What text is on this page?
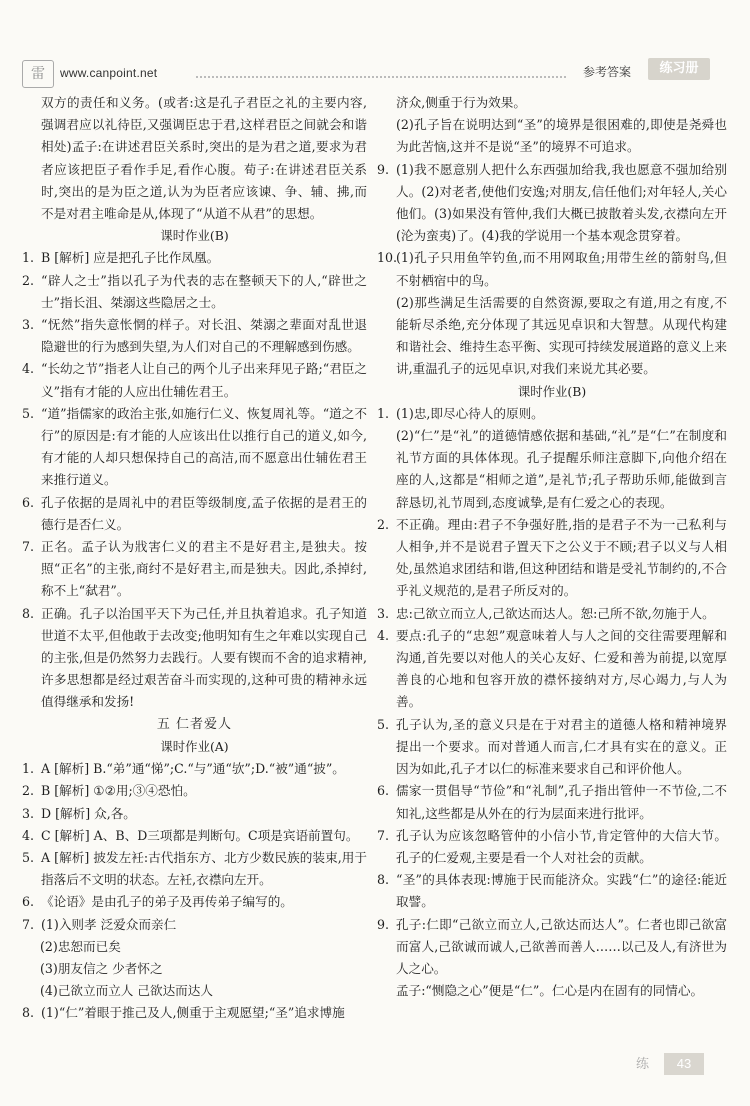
雷	www.canpoint.net	参考答案	练习册

双方的责任和义务。(或者:这是孔子君臣之礼的主要内容,强调君应以礼待臣,又强调臣忠于君,这样君臣之间就会和谐相处)孟子:在讲述君臣关系时,突出的是为君之道,要求为君者应该把臣子看作手足,看作心腹。荀子:在讲述君臣关系时,突出的是为臣之道,认为为臣者应该谏、争、辅、拂,而不是对君主唯命是从,体现了“从道不从君”的思想。

课时作业(B)

1. B [解析] 应是把孔子比作凤凰。

2. “辟人之士”指以孔子为代表的志在整顿天下的人,“辟世之士”指长沮、桀溺这些隐居之士。

3. “怃然”指失意怅惘的样子。对长沮、桀溺之辈面对乱世退隐避世的行为感到失望,为人们对自己的不理解感到伤感。

4. “长幼之节”指老人让自己的两个儿子出来拜见子路;“君臣之义”指有才能的人应出仕辅佐君王。

5. “道”指儒家的政治主张,如施行仁义、恢复周礼等。“道之不行”的原因是:有才能的人应该出仕以推行自己的道义,如今,有才能的人却只想保持自己的高洁,而不愿意出仕辅佐君王来推行道义。

6. 孔子依据的是周礼中的君臣等级制度,孟子依据的是君王的德行是否仁义。

7. 正名。孟子认为戕害仁义的君主不是好君主,是独夫。按照“正名”的主张,商纣不是好君主,而是独夫。因此,杀掉纣,称不上“弑君”。

8. 正确。孔子以治国平天下为己任,并且执着追求。孔子知道世道不太平,但他敢于去改变;他明知有生之年难以实现自己的主张,但是仍然努力去践行。人要有锲而不舍的追求精神,许多思想都是经过艰苦奋斗而实现的,这种可贵的精神永远值得继承和发扬!

五 仁者爱人

课时作业(A)

1. A [解析] B.“弟”通“悌”;C.“与”通“欤”;D.“被”通“披”。

2. B [解析] ①②用;③④恐怕。

3. D [解析] 众,各。

4. C [解析] A、B、D三项都是判断句。C项是宾语前置句。

5. A [解析] 披发左衽:古代指东方、北方少数民族的装束,用于指落后不文明的状态。左衽,衣襟向左开。

6. 《论语》是由孔子的弟子及再传弟子编写的。

7. (1)入则孝 泛爱众而亲仁

(2)忠恕而已矣

(3)朋友信之 少者怀之

(4)己欲立而立人 己欲达而达人

8. (1)“仁”着眼于推己及人,侧重于主观愿望;“圣”追求博施

济众,侧重于行为效果。

(2)孔子旨在说明达到“圣”的境界是很困难的,即使是尧舜也为此苦恼,这并不是说“圣”的境界不可追求。

9. (1)我不愿意别人把什么东西强加给我,我也愿意不强加给别人。(2)对老者,使他们安逸;对朋友,信任他们;对年轻人,关心他们。(3)如果没有管仲,我们大概已披散着头发,衣襟向左开(沦为蛮夷)了。(4)我的学说用一个基本观念贯穿着。

10.
(1)孔子只用鱼竿钓鱼,而不用网取鱼;用带生丝的箭射鸟,但不射栖宿中的鸟。

(2)那些满足生活需要的自然资源,要取之有道,用之有度,不能斩尽杀绝,充分体现了其远见卓识和大智慧。从现代构建和谐社会、维持生态平衡、实现可持续发展道路的意义上来讲,重温孔子的远见卓识,对我们来说尤其必要。

课时作业(B)

1. (1)忠,即尽心待人的原则。

(2)“仁”是“礼”的道德情感依据和基础,“礼”是“仁”在制度和礼节方面的具体体现。孔子提醒乐师注意脚下,向他介绍在座的人,这都是“相师之道”,是礼节;孔子帮助乐师,能做到言辞恳切,礼节周到,态度诚挚,是有仁爱之心的表现。

2. 不正确。理由:君子不争强好胜,指的是君子不为一己私利与人相争,并不是说君子置天下之公义于不顾;君子以义与人相处,虽然追求团结和谐,但这种团结和谐是受礼节制约的,不合乎礼义规范的,是君子所反对的。

3. 忠:己欲立而立人,己欲达而达人。恕:己所不欲,勿施于人。

4. 要点:孔子的“忠恕”观意味着人与人之间的交往需要理解和沟通,首先要以对他人的关心友好、仁爱和善为前提,以宽厚善良的心地和包容开放的襟怀接纳对方,尽心竭力,与人为善。

5. 孔子认为,圣的意义只是在于对君主的道德人格和精神境界提出一个要求。而对普通人而言,仁才具有实在的意义。正因为如此,孔子才以仁的标准来要求自己和评价他人。

6. 儒家一贯倡导“节俭”和“礼制”,孔子指出管仲一不节俭,二不知礼,这些都是从外在的行为层面来进行批评。

7. 孔子认为应该忽略管仲的小信小节,肯定管仲的大信大节。孔子的仁爱观,主要是看一个人对社会的贡献。

8. “圣”的具体表现:博施于民而能济众。实践“仁”的途径:能近取譬。

9. 孔子:仁即“己欲立而立人,己欲达而达人”。仁者也即己欲富而富人,己欲诚而诚人,己欲善而善人……以己及人,有济世为人之心。

孟子:“恻隐之心”便是“仁”。仁心是内在固有的同情心。

练	43
